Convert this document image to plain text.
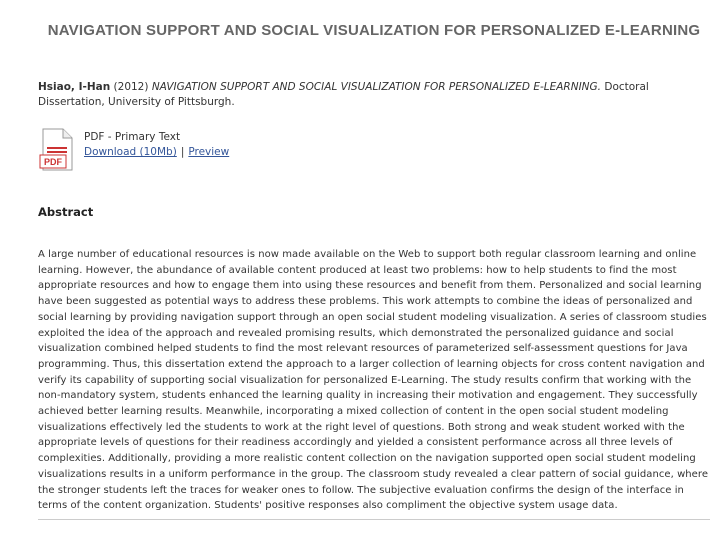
NAVIGATION SUPPORT AND SOCIAL VISUALIZATION FOR PERSONALIZED E-LEARNING
Hsiao, I-Han (2012) NAVIGATION SUPPORT AND SOCIAL VISUALIZATION FOR PERSONALIZED E-LEARNING. Doctoral Dissertation, University of Pittsburgh.
PDF
PDF - Primary Text
Download (10Mb) | Preview
Abstract

A large number of educational resources is now made available on the Web to support both regular classroom learning and online learning. However, the abundance of available content produced at least two problems: how to help students to find the most appropriate resources and how to engage them into using these resources and benefit from them. Personalized and social learning have been suggested as potential ways to address these problems. This work attempts to combine the ideas of personalized and social learning by providing navigation support through an open social student modeling visualization. A series of classroom studies exploited the idea of the approach and revealed promising results, which demonstrated the personalized guidance and social visualization combined helped students to find the most relevant resources of parameterized self-assessment questions for Java programming. Thus, this dissertation extend the approach to a larger collection of learning objects for cross content navigation and verify its capability of supporting social visualization for personalized E-Learning. The study results confirm that working with the non-mandatory system, students enhanced the learning quality in increasing their motivation and engagement. They successfully achieved better learning results. Meanwhile, incorporating a mixed collection of content in the open social student modeling visualizations effectively led the students to work at the right level of questions. Both strong and weak student worked with the appropriate levels of questions for their readiness accordingly and yielded a consistent performance across all three levels of complexities. Additionally, providing a more realistic content collection on the navigation supported open social student modeling visualizations results in a uniform performance in the group. The classroom study revealed a clear pattern of social guidance, where the stronger students left the traces for weaker ones to follow. The subjective evaluation confirms the design of the interface in terms of the content organization. Students' positive responses also compliment the objective system usage data.
